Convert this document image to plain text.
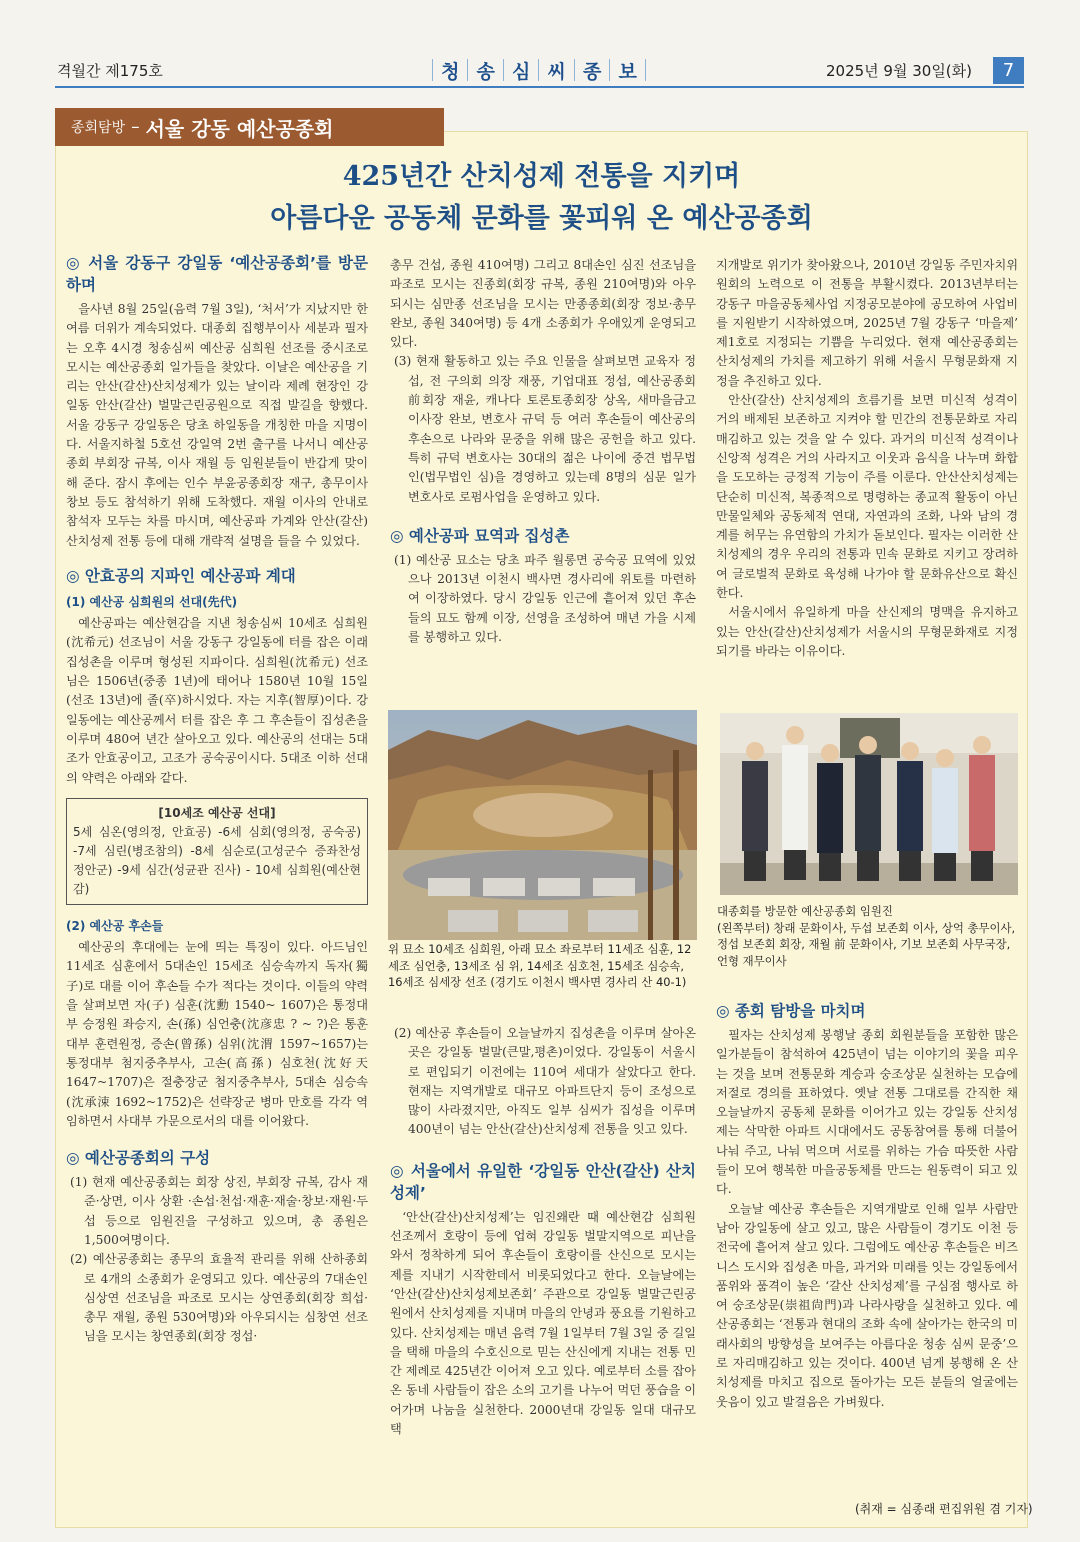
격월간 제175호	청 송 심 씨 종 보	2025년 9월 30일(화)	7
종회탐방 – 서울 강동 예산공종회
425년간 산치성제 전통을 지키며
아름다운 공동체 문화를 꽃피워 온 예산공종회
◎ 서울 강동구 강일동 ‘예산공종회’를 방문하며

을사년 8월 25일(음력 7월 3일), ‘처서’가 지났지만 한여름 더위가 계속되었다. 대종회 집행부이사 세분과 필자는 오후 4시경 청송심씨 예산공 심희원 선조를 중시조로 모시는 예산공종회 일가들을 찾았다. 이날은 예산공을 기리는 안산(갈산)산치성제가 있는 날이라 제례 현장인 강일동 안산(갈산) 벌말근린공원으로 직접 발길을 향했다. 서울 강동구 강일동은 당초 하일동을 개칭한 마을 지명이다. 서울지하철 5호선 강일역 2번 출구를 나서니 예산공종회 부회장 규복, 이사 재월 등 임원분들이 반갑게 맞이해 준다. 잠시 후에는 인수 부윤공종회장 재구, 총무이사 창보 등도 참석하기 위해 도착했다. 재월 이사의 안내로 참석자 모두는 차를 마시며, 예산공파 가계와 안산(갈산) 산치성제 전통 등에 대해 개략적 설명을 들을 수 있었다.

◎ 안효공의 지파인 예산공파 계대
(1) 예산공 심희원의 선대(先代)

예산공파는 예산현감을 지낸 청송심씨 10세조 심희원(沈希元) 선조님이 서울 강동구 강일동에 터를 잡은 이래 집성촌을 이루며 형성된 지파이다. 심희원(沈希元) 선조님은 1506년(중종 1년)에 태어나 1580년 10월 15일(선조 13년)에 졸(卒)하시었다. 자는 지후(智厚)이다. 강일동에는 예산공께서 터를 잡은 후 그 후손들이 집성촌을 이루며 480여 년간 살아오고 있다. 예산공의 선대는 5대조가 안효공이고, 고조가 공숙공이시다. 5대조 이하 선대의 약력은 아래와 같다.

[10세조 예산공 선대]
5세 심온(영의정, 안효공) -6세 심회(영의정, 공숙공) -7세 심린(병조참의) -8세 심순로(고성군수 증좌찬성 정안군) -9세 심간(성균관 진사) - 10세 심희원(예산현감)
(2) 예산공 후손들

예산공의 후대에는 눈에 띄는 특징이 있다. 아드님인 11세조 심훈에서 5대손인 15세조 심승속까지 독자(獨子)로 대를 이어 후손들 수가 적다는 것이다. 이들의 약력을 살펴보면 자(子) 심훈(沈勳 1540~ 1607)은 통정대부 승정원 좌승지, 손(孫) 심언충(沈彦忠 ? ~ ?)은 통훈대부 훈련원정, 증손(曾孫) 심위(沈渭 1597~1657)는 통정대부 첨지중추부사, 고손(高孫) 심호천(沈好天 1647~1707)은 절충장군 첨지중추부사, 5대손 심승속(沈承涑 1692~1752)은 선략장군 병마 만호를 각각 역임하면서 사대부 가문으로서의 대를 이어왔다.

◎ 예산공종회의 구성

(1) 현재 예산공종회는 회장 상진, 부회장 규복, 감사 재준·상면, 이사 상환 ·손섭·천섭·재훈·재술·창보·재원·두섭 등으로 임원진을 구성하고 있으며, 총 종원은 1,500여명이다.

(2) 예산공종회는 종무의 효율적 관리를 위해 산하종회로 4개의 소종회가 운영되고 있다. 예산공의 7대손인 심상연 선조님을 파조로 모시는 상연종회(회장 희섭·총무 재월, 종원 530여명)와 아우되시는 심창연 선조님을 모시는 창연종회(회장 정섭·

총무 건섭, 종원 410여명) 그리고 8대손인 심진 선조님을 파조로 모시는 진종회(회장 규복, 종원 210여명)와 아우되시는 심만종 선조님을 모시는 만종종회(회장 정보·총무 완보, 종원 340여명) 등 4개 소종회가 우애있게 운영되고 있다.

(3) 현재 활동하고 있는 주요 인물을 살펴보면 교육자 정섭, 전 구의회 의장 재풍, 기업대표 정섭, 예산공종회 前회장 재윤, 캐나다 토론토종회장 상옥, 새마을금고 이사장 완보, 변호사 규덕 등 여러 후손들이 예산공의 후손으로 나라와 문중을 위해 많은 공헌을 하고 있다. 특히 규덕 변호사는 30대의 젊은 나이에 중견 법무법인(법무법인 심)을 경영하고 있는데 8명의 심문 일가 변호사로 로펌사업을 운영하고 있다.

◎ 예산공파 묘역과 집성촌

(1) 예산공 묘소는 당초 파주 월롱면 공숙공 묘역에 있었으나 2013년 이천시 백사면 경사리에 위토를 마련하여 이장하였다. 당시 강일동 인근에 흩어져 있던 후손들의 묘도 함께 이장, 선영을 조성하여 매년 가을 시제를 봉행하고 있다.

위 묘소 10세조 심희원, 아래 묘소 좌로부터 11세조 심훈, 12세조 심언충, 13세조 심 위, 14세조 심호천, 15세조 심승속, 16세조 심세장 선조 (경기도 이천시 백사면 경사리 산 40-1)

(2) 예산공 후손들이 오늘날까지 집성촌을 이루며 살아온 곳은 강일동 벌말(큰말,평촌)이었다. 강일동이 서울시로 편입되기 이전에는 110여 세대가 살았다고 한다. 현재는 지역개발로 대규모 아파트단지 등이 조성으로 많이 사라졌지만, 아직도 일부 심씨가 집성을 이루며 400년이 넘는 안산(갈산)산치성제 전통을 잇고 있다.

◎ 서울에서 유일한 ‘강일동 안산(갈산) 산치성제’

‘안산(갈산)산치성제’는 임진왜란 때 예산현감 심희원 선조께서 호랑이 등에 업혀 강일동 벌말지역으로 피난을 와서 정착하게 되어 후손들이 호랑이를 산신으로 모시는 제를 지내기 시작한데서 비롯되었다고 한다. 오늘날에는 ‘안산(갈산)산치성제보존회’ 주관으로 강일동 벌말근린공원에서 산치성제를 지내며 마을의 안녕과 풍요를 기원하고 있다. 산치성제는 매년 음력 7월 1일부터 7월 3일 중 길일을 택해 마을의 수호신으로 믿는 산신에게 지내는 전통 민간 제례로 425년간 이어져 오고 있다. 예로부터 소를 잡아 온 동네 사람들이 잡은 소의 고기를 나누어 먹던 풍습을 이어가며 나눔을 실천한다. 2000년대 강일동 일대 대규모 택

지개발로 위기가 찾아왔으나, 2010년 강일동 주민자치위원회의 노력으로 이 전통을 부활시켰다. 2013년부터는 강동구 마을공동체사업 지정공모분야에 공모하여 사업비를 지원받기 시작하였으며, 2025년 7월 강동구 ‘마을제’ 제1호로 지정되는 기쁨을 누리었다. 현재 예산공종회는 산치성제의 가치를 제고하기 위해 서울시 무형문화재 지정을 추진하고 있다.

안산(갈산) 산치성제의 흐름기를 보면 미신적 성격이 거의 배제된 보존하고 지켜야 할 민간의 전통문화로 자리매김하고 있는 것을 알 수 있다. 과거의 미신적 성격이나 신앙적 성격은 거의 사라지고 이웃과 음식을 나누며 화합을 도모하는 긍정적 기능이 주를 이룬다. 안산산치성제는 단순히 미신적, 복종적으로 명령하는 종교적 활동이 아닌 만물일체와 공동체적 연대, 자연과의 조화, 나와 남의 경계를 허무는 유연함의 가치가 돋보인다. 필자는 이러한 산치성제의 경우 우리의 전통과 민속 문화로 지키고 장려하여 글로벌적 문화로 육성해 나가야 할 문화유산으로 확신한다.

서울시에서 유일하게 마을 산신제의 명맥을 유지하고 있는 안산(갈산)산치성제가 서울시의 무형문화재로 지정되기를 바라는 이유이다.

대종회를 방문한 예산공종회 임원진
(왼쪽부터) 창래 문화이사, 두섭 보존회 이사, 상억 총무이사, 정섭 보존회 회장, 재월 前 문화이사, 기보 보존회 사무국장, 언형 재무이사
◎ 종회 탐방을 마치며

필자는 산치성제 봉행날 종회 회원분들을 포함한 많은 일가분들이 참석하여 425년이 넘는 이야기의 꽃을 피우는 것을 보며 전통문화 계승과 숭조상문 실천하는 모습에 저절로 경의를 표하였다. 옛날 전통 그대로를 간직한 채 오늘날까지 공동체 문화를 이어가고 있는 강일동 산치성제는 삭막한 아파트 시대에서도 공동참여를 통해 더불어 나눠 주고, 나눠 먹으며 서로를 위하는 가슴 따뜻한 사람들이 모여 행복한 마을공동체를 만드는 원동력이 되고 있다.

오늘날 예산공 후손들은 지역개발로 인해 일부 사람만 남아 강일동에 살고 있고, 많은 사람들이 경기도 이천 등 전국에 흩어져 살고 있다. 그럼에도 예산공 후손들은 비즈니스 도시와 집성촌 마을, 과거와 미래를 잇는 강일동에서 품위와 품격이 높은 ‘갈산 산치성제’를 구심점 행사로 하여 숭조상문(崇祖尙門)과 나라사랑을 실천하고 있다. 예산공종회는 ‘전통과 현대의 조화 속에 살아가는 한국의 미래사회의 방향성을 보여주는 아름다운 청송 심씨 문중’으로 자리매김하고 있는 것이다. 400년 넘게 봉행해 온 산치성제를 마치고 집으로 돌아가는 모든 분들의 얼굴에는 웃음이 있고 발걸음은 가벼웠다.

(취재 = 심종래 편집위원 겸 기자)
